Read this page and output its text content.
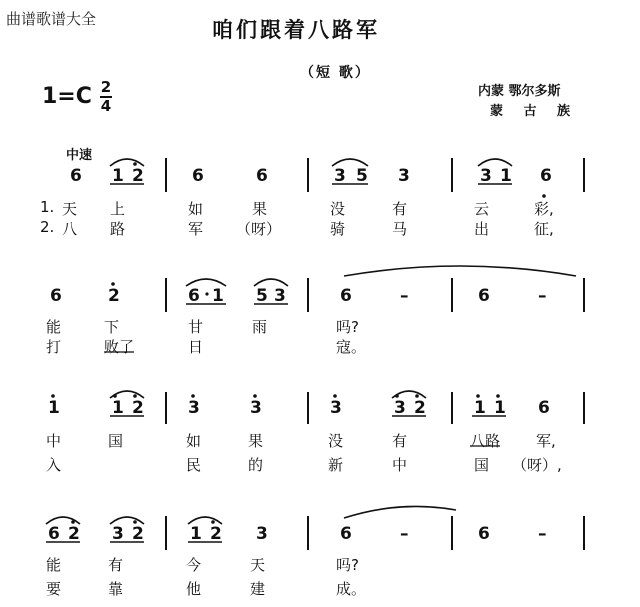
曲谱歌谱大全	咱们跟着八路军
（短 歌）
内蒙 鄂尔多斯
蒙 古 族
1=C 2
4
中速
6 1 2	6	6	3 5 3	3 1 6
1. 天 上	如	果	没	有	云	彩,
2. 八 路	军 （呀）	骑	马	出	征,
6	2	6 1 5 3	6	–	6	–
能	下	甘	雨	吗?
打	败了	日	寇。
1	1 2	3	3	3	3 2	1 1 6
中	国	如	果	没	有	八路 军,
入	民	的	新	中	国 （呀）,
6 2 3 2	1 2 3	6	–	6	–
能	有	今	天	吗?
要	靠	他	建	成。
